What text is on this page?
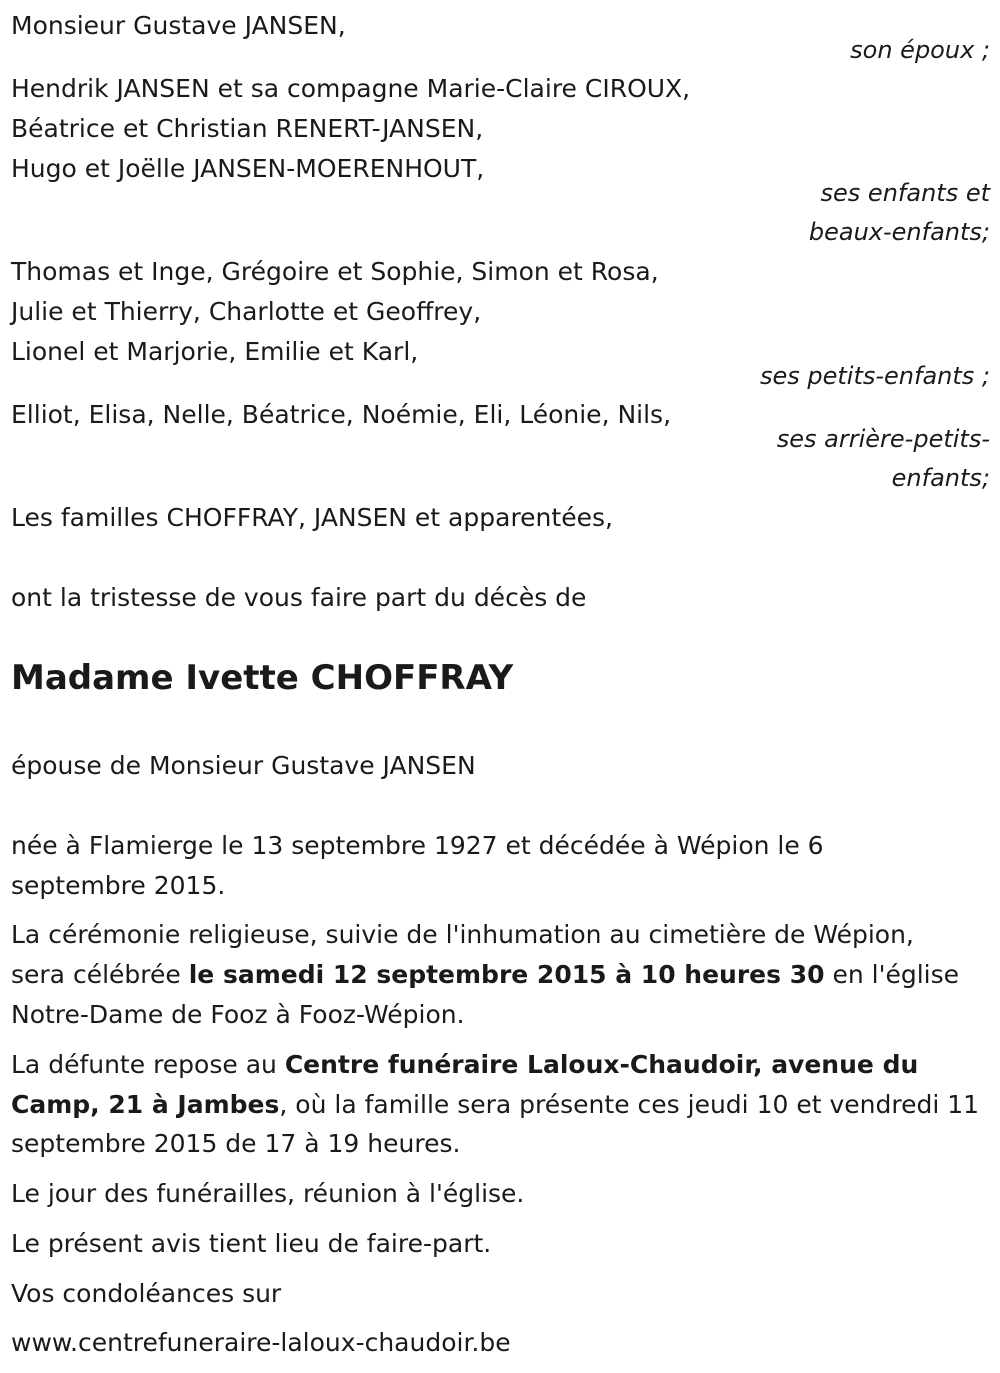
Monsieur Gustave JANSEN,
son époux ;
Hendrik JANSEN et sa compagne Marie-Claire CIROUX,
Béatrice et Christian RENERT-JANSEN,
Hugo et Joëlle JANSEN-MOERENHOUT,
ses enfants et
beaux-enfants;
Thomas et Inge, Grégoire et Sophie, Simon et Rosa,
Julie et Thierry, Charlotte et Geoffrey,
Lionel et Marjorie, Emilie et Karl,
ses petits-enfants ;
Elliot, Elisa, Nelle, Béatrice, Noémie, Eli, Léonie, Nils,
ses arrière-petits-
enfants;
Les familles CHOFFRAY, JANSEN et apparentées,
ont la tristesse de vous faire part du décès de
Madame Ivette CHOFFRAY
épouse de Monsieur Gustave JANSEN
née à Flamierge le 13 septembre 1927 et décédée à Wépion le 6
septembre 2015.
La cérémonie religieuse, suivie de l'inhumation au cimetière de Wépion,
sera célébrée le samedi 12 septembre 2015 à 10 heures 30 en l'église
Notre-Dame de Fooz à Fooz-Wépion.
La défunte repose au Centre funéraire Laloux-Chaudoir, avenue du
Camp, 21 à Jambes, où la famille sera présente ces jeudi 10 et vendredi 11
septembre 2015 de 17 à 19 heures.
Le jour des funérailles, réunion à l'église.
Le présent avis tient lieu de faire-part.
Vos condoléances sur
www.centrefuneraire-laloux-chaudoir.be
